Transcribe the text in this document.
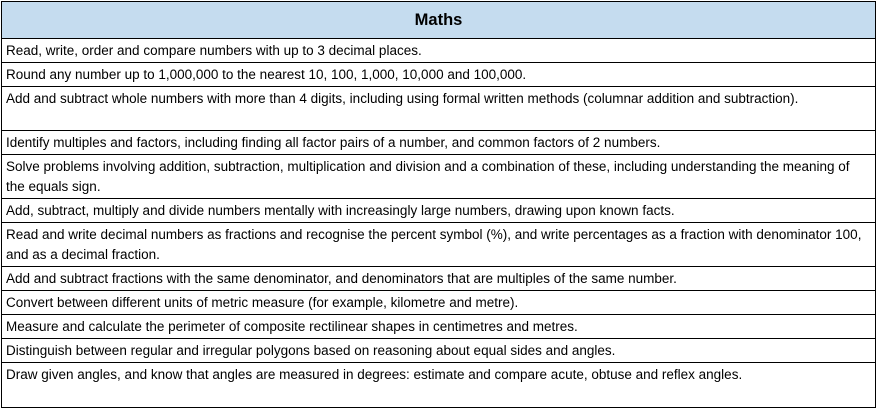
Maths
Read, write, order and compare numbers with up to 3 decimal places.
Round any number up to 1,000,000 to the nearest 10, 100, 1,000, 10,000 and 100,000.
Add and subtract whole numbers with more than 4 digits, including using formal written methods (columnar addition and subtraction).
Identify multiples and factors, including finding all factor pairs of a number, and common factors of 2 numbers.
Solve problems involving addition, subtraction, multiplication and division and a combination of these, including understanding the meaning of the equals sign.
Add, subtract, multiply and divide numbers mentally with increasingly large numbers, drawing upon known facts.
Read and write decimal numbers as fractions and recognise the percent symbol (%), and write percentages as a fraction with denominator 100, and as a decimal fraction.
Add and subtract fractions with the same denominator, and denominators that are multiples of the same number.
Convert between different units of metric measure (for example, kilometre and metre).
Measure and calculate the perimeter of composite rectilinear shapes in centimetres and metres.
Distinguish between regular and irregular polygons based on reasoning about equal sides and angles.
Draw given angles, and know that angles are measured in degrees: estimate and compare acute, obtuse and reflex angles.
